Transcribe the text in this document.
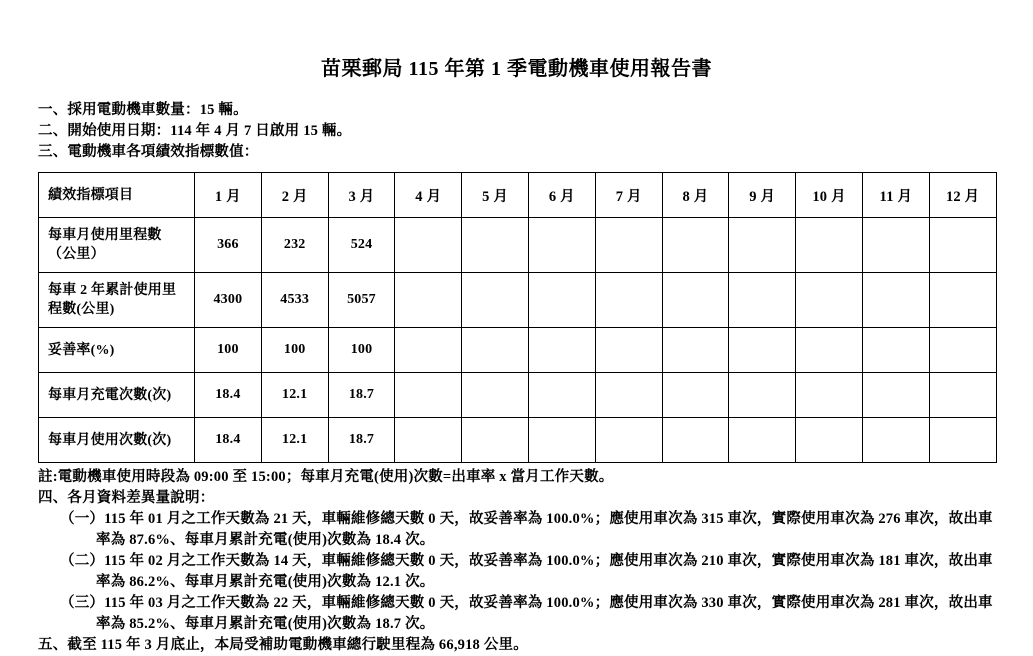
苗栗郵局 115 年第 1 季電動機車使用報告書
一、採用電動機車數量：15 輛。
二、開始使用日期：114 年 4 月 7 日啟用 15 輛。
三、電動機車各項績效指標數值：
績效指標項目	1 月	2 月	3 月	4 月	5 月	6 月	7 月	8 月	9 月	10 月	11 月	12 月
每車月使用里程數（公里）	366	232	524									
每車 2 年累計使用里程數(公里)	4300	4533	5057									
妥善率(%)	100	100	100									
每車月充電次數(次)	18.4	12.1	18.7									
每車月使用次數(次)	18.4	12.1	18.7									
註:電動機車使用時段為 09:00 至 15:00；每車月充電(使用)次數=出車率 x 當月工作天數。
四、各月資料差異量說明：
（一）115 年 01 月之工作天數為 21 天，車輛維修總天數 0 天，故妥善率為 100.0%；應使用車次為 315 車次，實際使用車次為 276 車次，故出車
率為 87.6%、每車月累計充電(使用)次數為 18.4 次。
（二）115 年 02 月之工作天數為 14 天，車輛維修總天數 0 天，故妥善率為 100.0%；應使用車次為 210 車次，實際使用車次為 181 車次，故出車
率為 86.2%、每車月累計充電(使用)次數為 12.1 次。
（三）115 年 03 月之工作天數為 22 天，車輛維修總天數 0 天，故妥善率為 100.0%；應使用車次為 330 車次，實際使用車次為 281 車次，故出車
率為 85.2%、每車月累計充電(使用)次數為 18.7 次。
五、截至 115 年 3 月底止，本局受補助電動機車總行駛里程為 66,918 公里。
